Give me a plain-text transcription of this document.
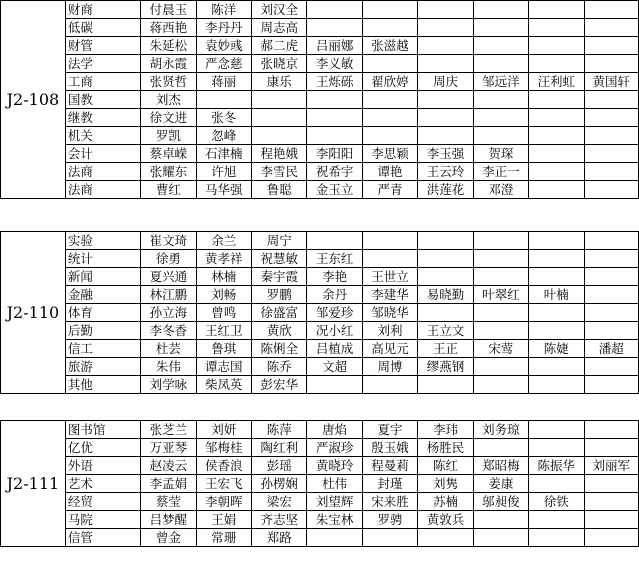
J2-108	财商	付晨玉	陈洋	刘汉全						
	低碳	蒋西艳	李丹丹	周志高						
	财管	朱延松	袁妙彧	郝二虎	吕丽娜	张滋越				
	法学	胡永霞	严念慈	张晓京	李义敏					
	工商	张贤哲	蒋丽	康乐	王烁砾	翟欣婷	周庆	邹远洋	汪利虹	黄国轩
	国教	刘杰								
	继教	徐文进	张冬							
	机关	罗凯	忽峰							
	会计	蔡卓嵘	石津楠	程艳娥	李阳阳	李思颖	李玉强	贺琛		
	法商	张耀东	许旭	李雪民	祝希宇	谭艳	王云玲	李正一		
	法商	曹红	马华强	鲁聪	金玉立	严青	洪莲花	邓澄		
J2-110	实验	崔文琦	余兰	周宁						
	统计	徐勇	黄孝祥	祝慧敏	王东红					
	新闻	夏兴通	林楠	秦宇霞	李艳	王世立				
	金融	林江鹏	刘畅	罗鹏	余丹	李建华	易晓勤	叶翠红	叶楠	
	体育	孙立海	曾鸣	徐盛富	邹爱珍	邹晓华				
	后勤	李冬香	王红卫	黄欣	况小红	刘利	王立文			
	信工	杜芸	鲁琪	陈俐全	吕植成	高见元	王正	宋莺	陈婕	潘超
	旅游	朱伟	谭志国	陈乔	文超	周博	缪燕钢			
	其他	刘学咏	柴凤英	彭宏华						
J2-111	图书馆	张芝兰	刘妍	陈萍	唐焰	夏宇	李玮	刘务琼		
	亿优	万亚琴	邹梅桂	陶红利	严淑珍	殷玉娥	杨胜民			
	外语	赵凌云	侯香浪	彭瑶	黄晓玲	程曼莉	陈红	郑昭梅	陈振华	刘丽军
	艺术	李孟娟	王宏飞	孙楞娴	杜伟	封瑾	刘隽	姜康		
	经贸	蔡莹	李朝晖	梁宏	刘望辉	宋来胜	苏楠	邬昶俊	徐铁	
	马院	吕梦醒	王娟	齐志坚	朱宝林	罗骋	黄敦兵			
	信管	曾金	常珊	郑路						
